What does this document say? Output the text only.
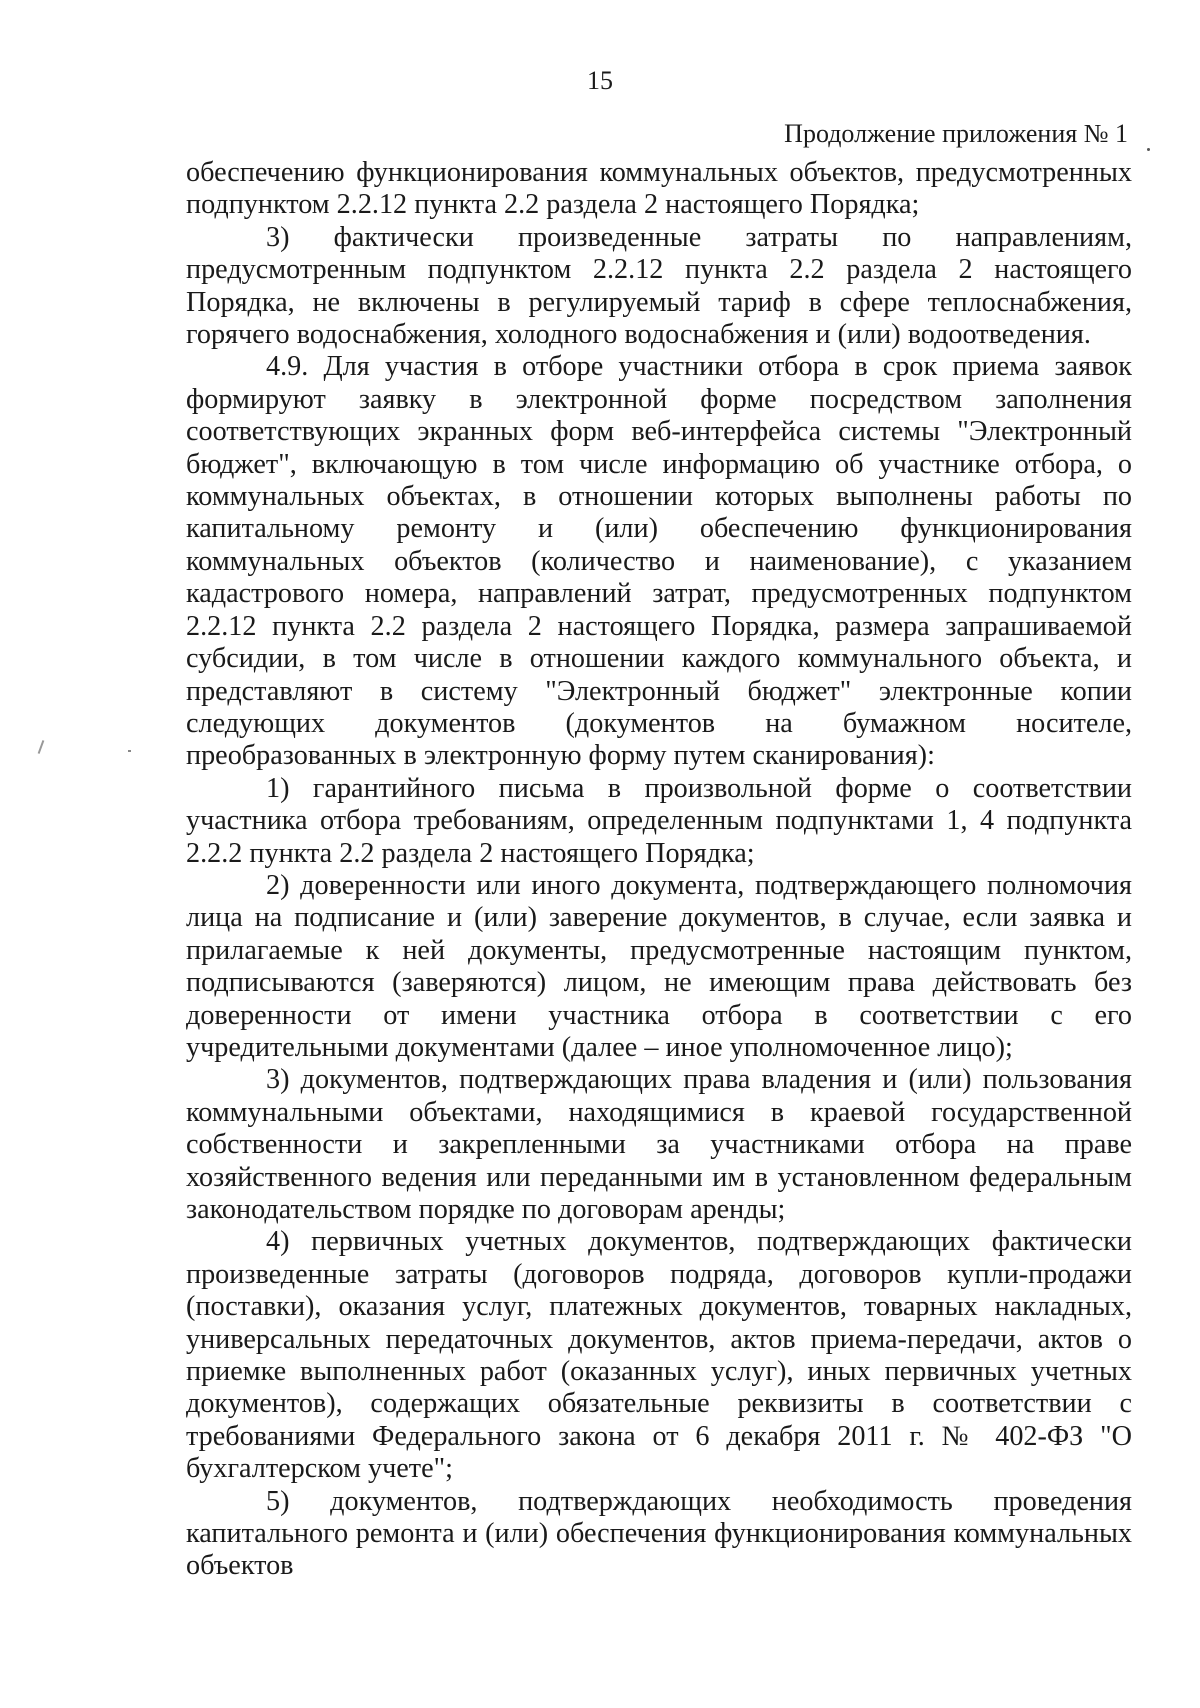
15
Продолжение приложения № 1

обеспечению функционирования коммунальных объектов, предусмотренных подпунктом 2.2.12 пункта 2.2 раздела 2 настоящего Порядка;

3) фактически произведенные затраты по направлениям, предусмотренным подпунктом 2.2.12 пункта 2.2 раздела 2 настоящего Порядка, не включены в регулируемый тариф в сфере теплоснабжения, горячего водоснабжения, холодного водоснабжения и (или) водоотведения.

4.9. Для участия в отборе участники отбора в срок приема заявок формируют заявку в электронной форме посредством заполнения соответствующих экранных форм веб-интерфейса системы "Электронный бюджет", включающую в том числе информацию об участнике отбора, о коммунальных объектах, в отношении которых выполнены работы по капитальному ремонту и (или) обеспечению функционирования коммунальных объектов (количество и наименование), с указанием кадастрового номера, направлений затрат, предусмотренных подпунктом 2.2.12 пункта 2.2 раздела 2 настоящего Порядка, размера запрашиваемой субсидии, в том числе в отношении каждого коммунального объекта, и представляют в систему "Электронный бюджет" электронные копии следующих документов (документов на бумажном носителе, преобразованных в электронную форму путем сканирования):

1) гарантийного письма в произвольной форме о соответствии участника отбора требованиям, определенным подпунктами 1, 4 подпункта 2.2.2 пункта 2.2 раздела 2 настоящего Порядка;

2) доверенности или иного документа, подтверждающего полномочия лица на подписание и (или) заверение документов, в случае, если заявка и прилагаемые к ней документы, предусмотренные настоящим пунктом, подписываются (заверяются) лицом, не имеющим права действовать без доверенности от имени участника отбора в соответствии с его учредительными документами (далее – иное уполномоченное лицо);

3) документов, подтверждающих права владения и (или) пользования коммунальными объектами, находящимися в краевой государственной собственности и закрепленными за участниками отбора на праве хозяйственного ведения или переданными им в установленном федеральным законодательством порядке по договорам аренды;

4) первичных учетных документов, подтверждающих фактически произведенные затраты (договоров подряда, договоров купли-продажи (поставки), оказания услуг, платежных документов, товарных накладных, универсальных передаточных документов, актов приема-передачи, актов о приемке выполненных работ (оказанных услуг), иных первичных учетных документов), содержащих обязательные реквизиты в соответствии с требованиями Федерального закона от 6 декабря 2011 г. № 402-ФЗ "О бухгалтерском учете";

5) документов, подтверждающих необходимость проведения капитального ремонта и (или) обеспечения функционирования коммунальных объектов
